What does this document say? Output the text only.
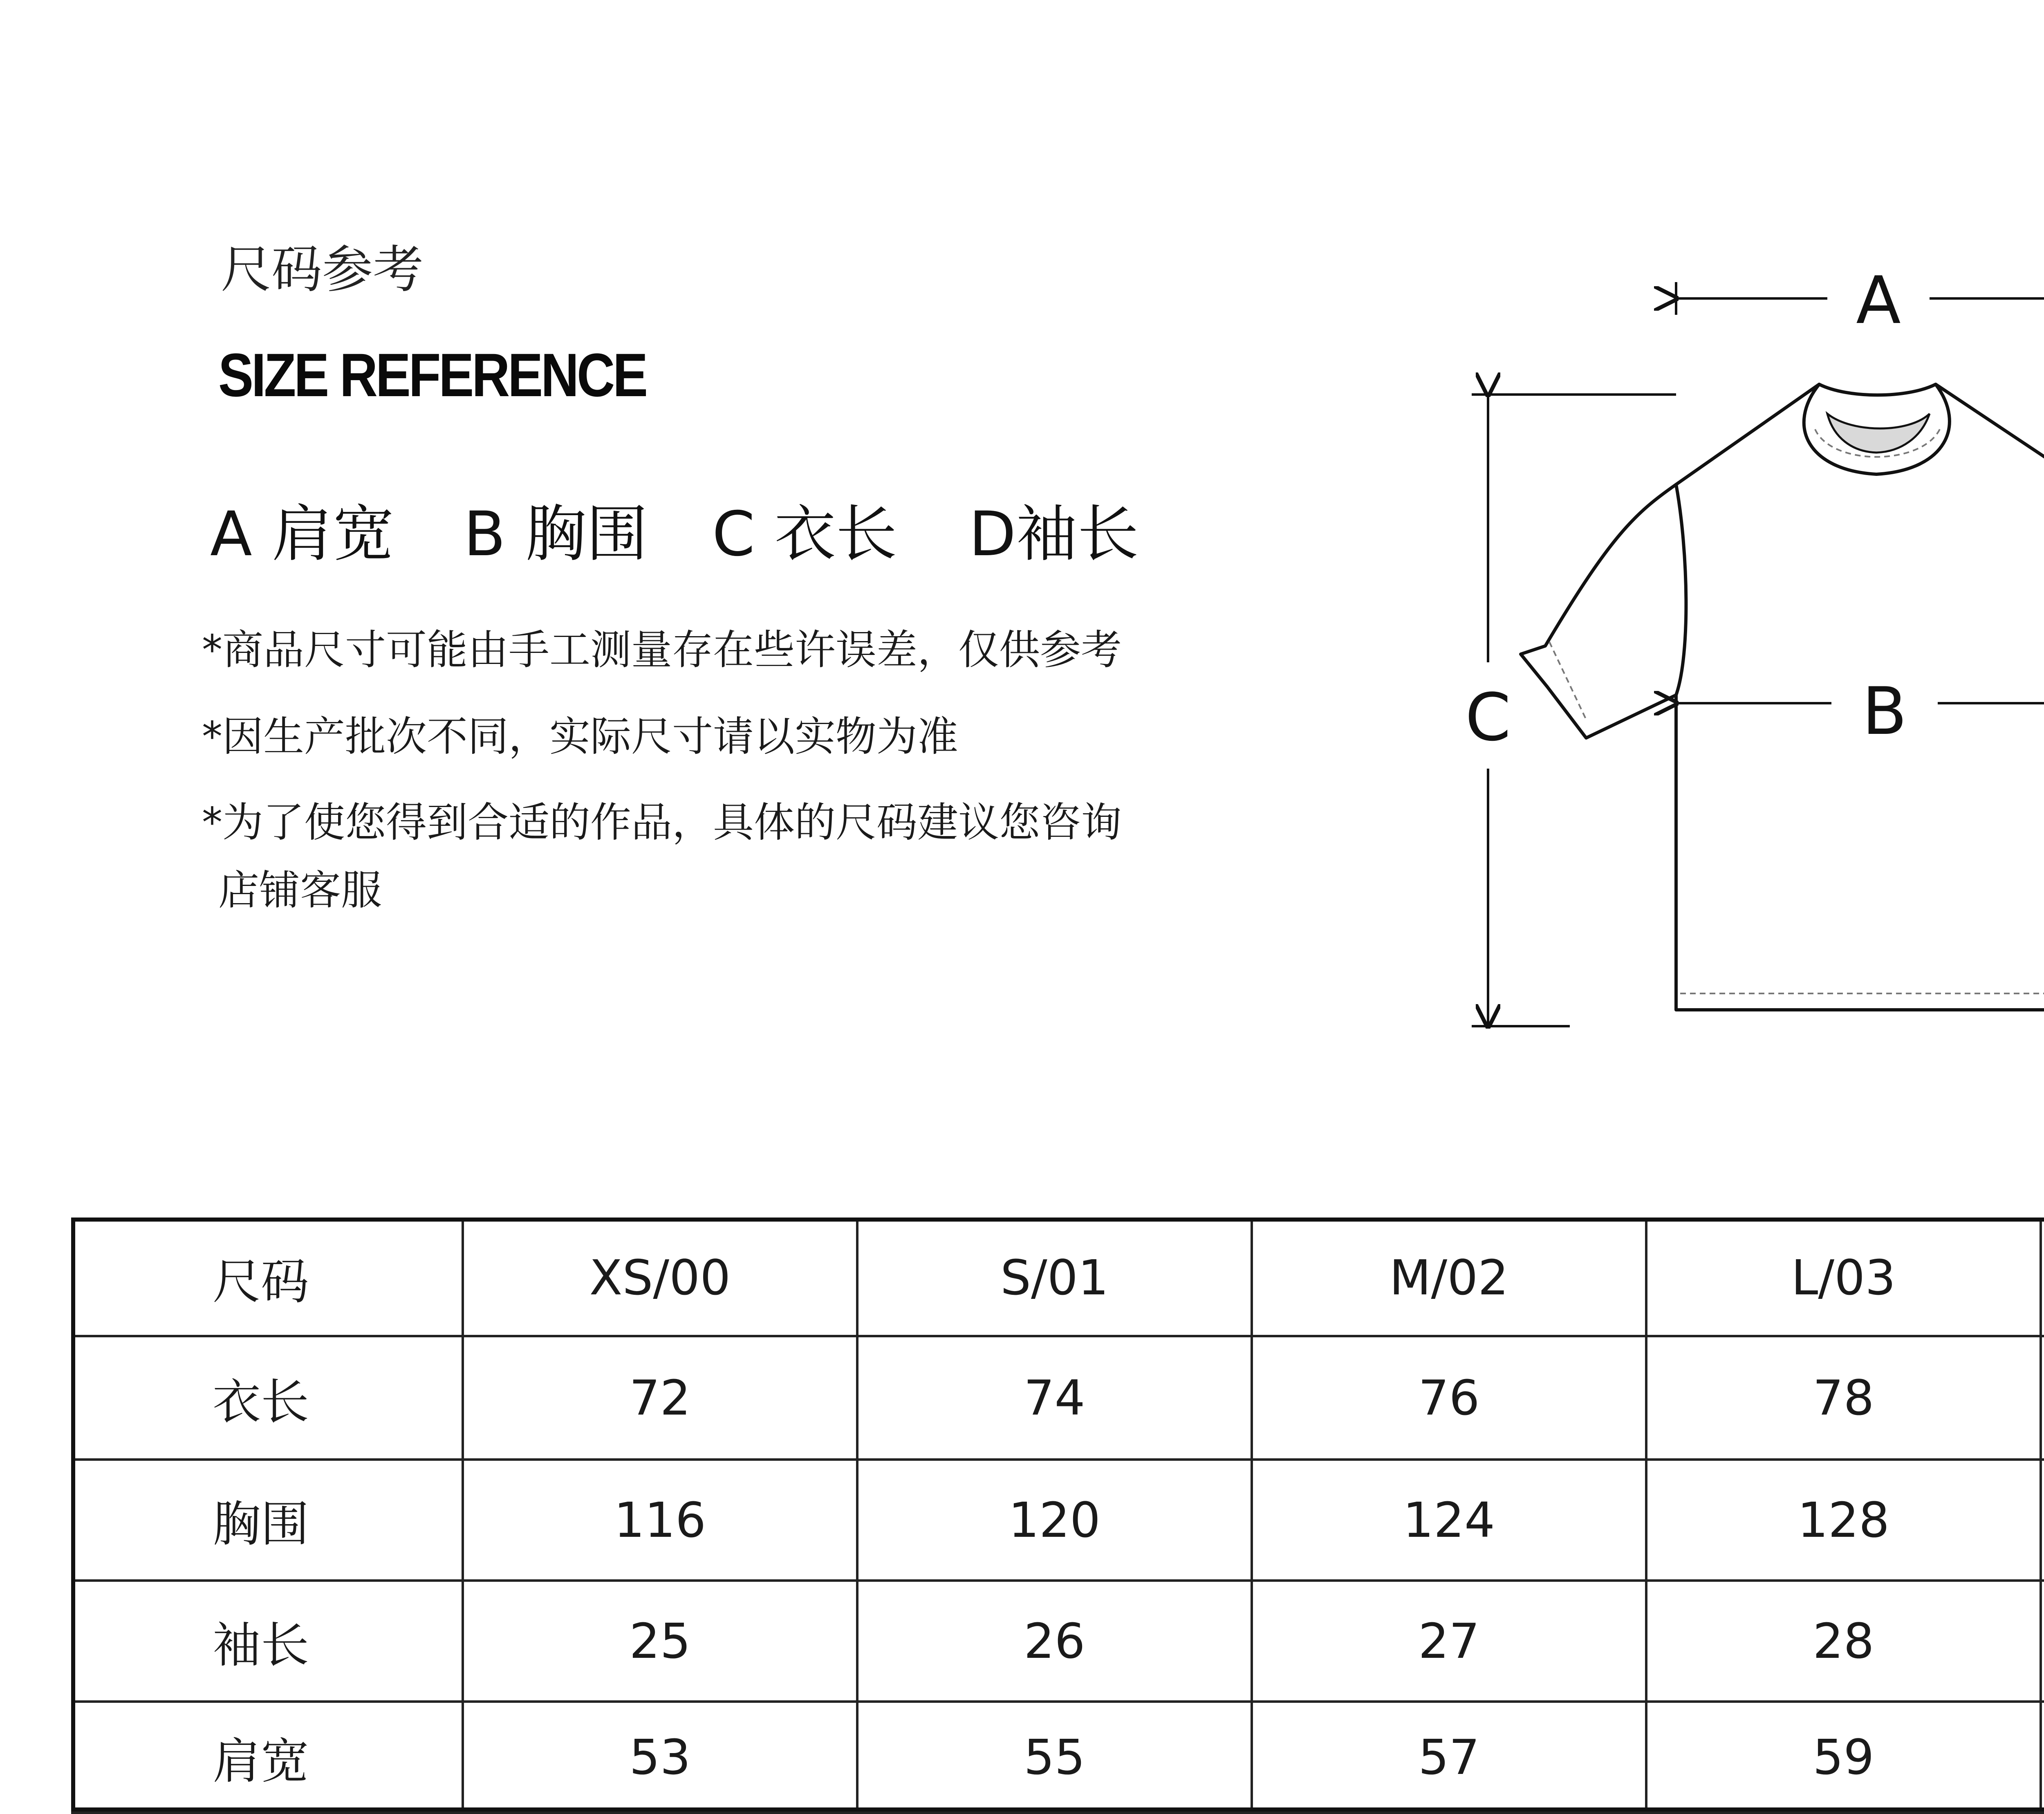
尺码参考
SIZE REFERENCE
A 肩宽 B 胸围 C 衣长 D袖长
*商品尺寸可能由手工测量存在些许误差，仅供参考
*因生产批次不同，实际尺寸请以实物为准
*为了使您得到合适的作品，具体的尺码建议您咨询
店铺客服
A
B
C
尺码	XS/00	S/01	M/02	L/03	
衣长	72	74	76	78	
胸围	116	120	124	128	
袖长	25	26	27	28	
肩宽	53	55	57	59	
